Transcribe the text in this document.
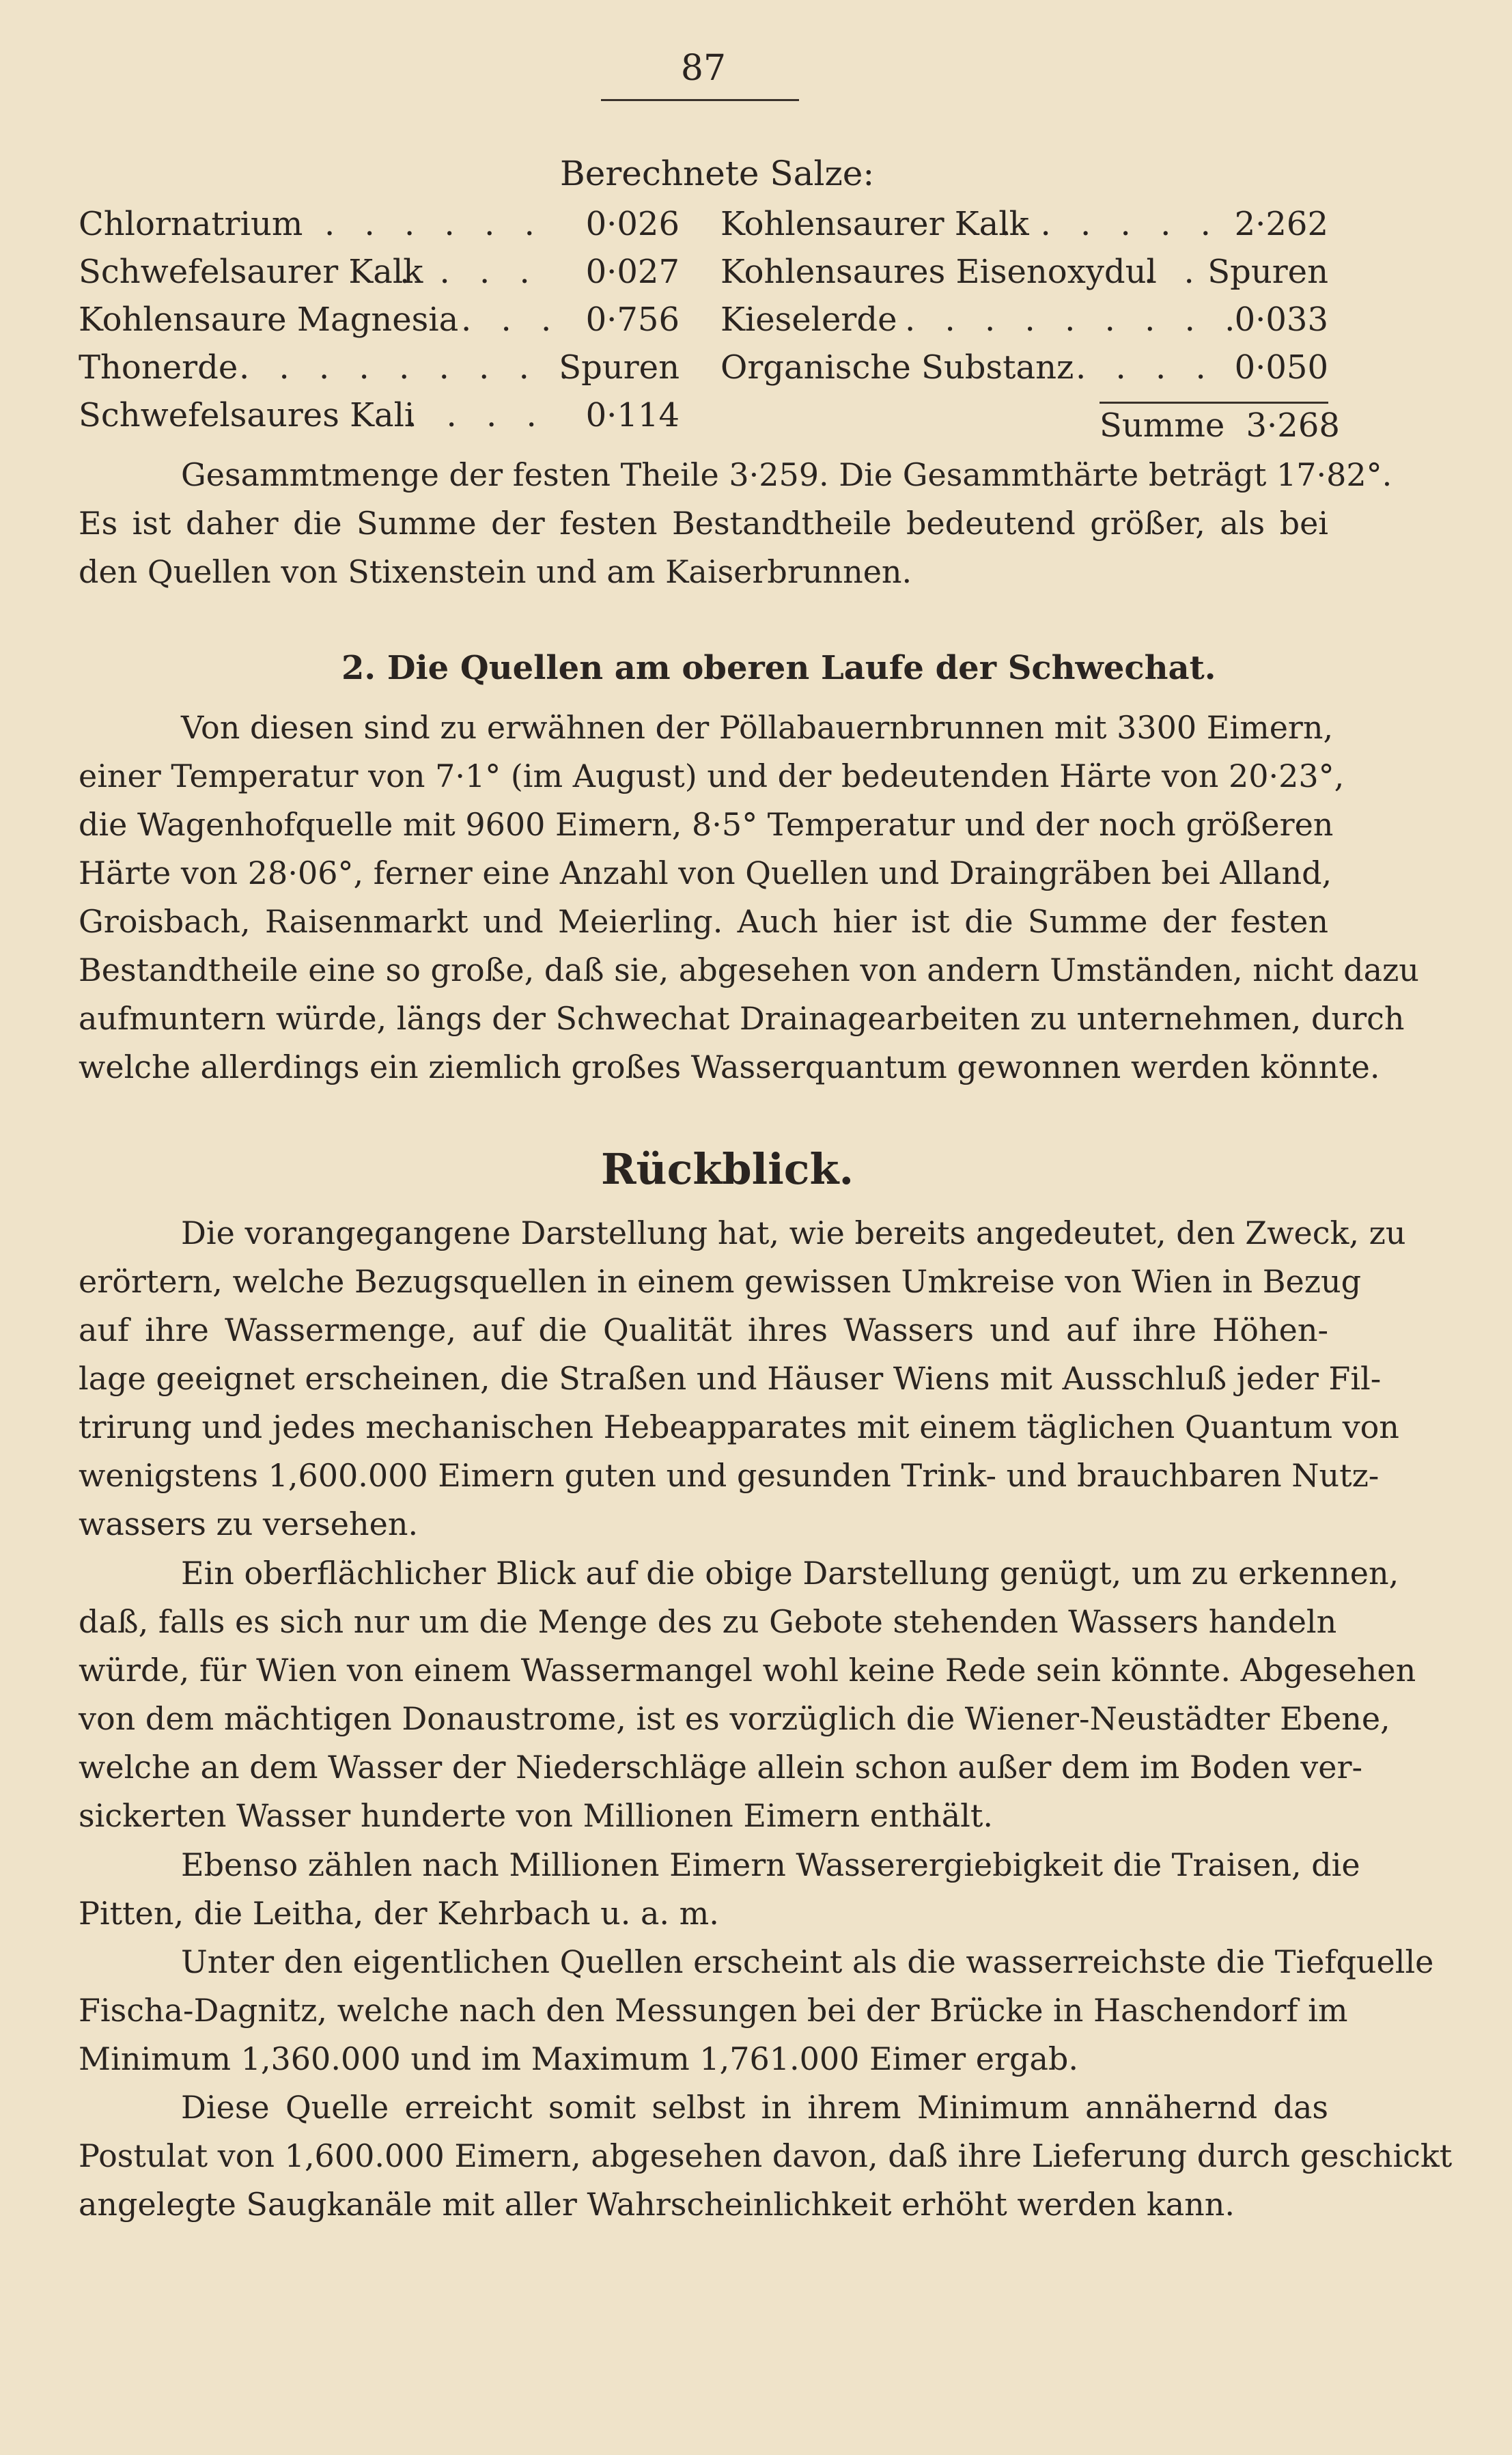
87
Berechnete Salze:
Chlornatrium . . . . . . 0·026
Schwefelsaurer Kalk
. . . . 0·027
Kohlensaure Magnesia . . . 0·756
Thonerde . . . . . . . . .
Spuren
Schwefelsaures Kali
. . . . 0·114
Kohlensaurer Kalk
. . . . . . 2·262
Kohlensaures Eisenoxydul
. . Spuren
Kieselerde . . . . . . . . .
0·033
Organische Substanz . . . . 0·050
Summe 3·268
Gesammtmenge der festen Theile 3·259. Die Gesammthärte beträgt 17·82°.
Es ist daher die Summe der festen Bestandtheile bedeutend größer, als bei
den Quellen von Stixenstein und am Kaiserbrunnen.
2. Die Quellen am oberen Laufe der Schwechat.
Von diesen sind zu erwähnen der Pöllabauernbrunnen mit 3300 Eimern,
einer Temperatur von 7·1° (im August) und der bedeutenden Härte von 20·23°,
die Wagenhofquelle mit 9600 Eimern, 8·5° Temperatur und der noch größeren
Härte von 28·06°, ferner eine Anzahl von Quellen und Draingräben bei Alland,
Groisbach, Raisenmarkt und Meierling. Auch hier ist die Summe der festen
Bestandtheile eine so große, daß sie, abgesehen von andern Umständen, nicht dazu
aufmuntern würde, längs der Schwechat Drainagearbeiten zu unternehmen, durch
welche allerdings ein ziemlich großes Wasserquantum gewonnen werden könnte.
Rückblick.
Die vorangegangene Darstellung hat, wie bereits angedeutet, den Zweck, zu
erörtern, welche Bezugsquellen in einem gewissen Umkreise von Wien in Bezug
auf ihre Wassermenge, auf die Qualität ihres Wassers und auf ihre Höhen-
lage geeignet erscheinen, die Straßen und Häuser Wiens mit Ausschluß jeder Fil-
trirung und jedes mechanischen Hebeapparates mit einem täglichen Quantum von
wenigstens 1,600.000 Eimern guten und gesunden Trink- und brauchbaren Nutz-
wassers zu versehen.
Ein oberflächlicher Blick auf die obige Darstellung genügt, um zu erkennen,
daß, falls es sich nur um die Menge des zu Gebote stehenden Wassers handeln
würde, für Wien von einem Wassermangel wohl keine Rede sein könnte. Abgesehen
von dem mächtigen Donaustrome, ist es vorzüglich die Wiener-Neustädter Ebene,
welche an dem Wasser der Niederschläge allein schon außer dem im Boden ver-
sickerten Wasser hunderte von Millionen Eimern enthält.
Ebenso zählen nach Millionen Eimern Wasserergiebigkeit die Traisen, die
Pitten, die Leitha, der Kehrbach u. a. m.
Unter den eigentlichen Quellen erscheint als die wasserreichste die Tiefquelle
Fischa-Dagnitz, welche nach den Messungen bei der Brücke in Haschendorf im
Minimum 1,360.000 und im Maximum 1,761.000 Eimer ergab.
Diese Quelle erreicht somit selbst in ihrem Minimum annähernd das
Postulat von 1,600.000 Eimern, abgesehen davon, daß ihre Lieferung durch geschickt
angelegte Saugkanäle mit aller Wahrscheinlichkeit erhöht werden kann.
